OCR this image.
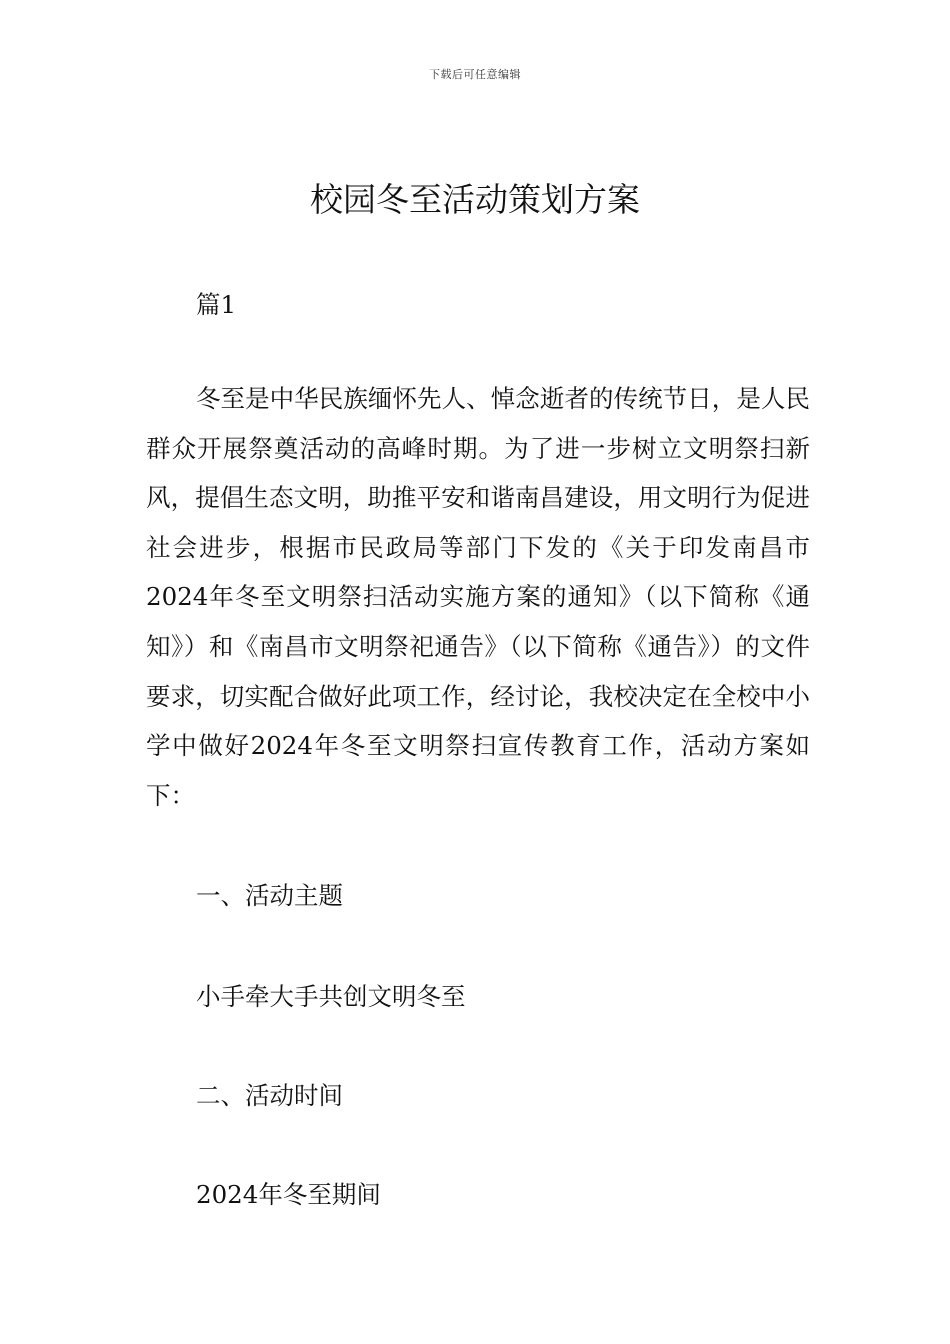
下载后可任意编辑
校园冬至活动策划方案

篇1

冬至是中华民族缅怀先人、悼念逝者的传统节日，是人民群众开展祭奠活动的高峰时期。为了进一步树立文明祭扫新风，提倡生态文明，助推平安和谐南昌建设，用文明行为促进社会进步，根据市民政局等部门下发的《关于印发南昌市2024年冬至文明祭扫活动实施方案的通知》（以下简称《通知》）和《南昌市文明祭祀通告》（以下简称《通告》）的文件要求，切实配合做好此项工作，经讨论，我校决定在全校中小学中做好2024年冬至文明祭扫宣传教育工作，活动方案如下：

一、活动主题

小手牵大手共创文明冬至

二、活动时间

2024年冬至期间
